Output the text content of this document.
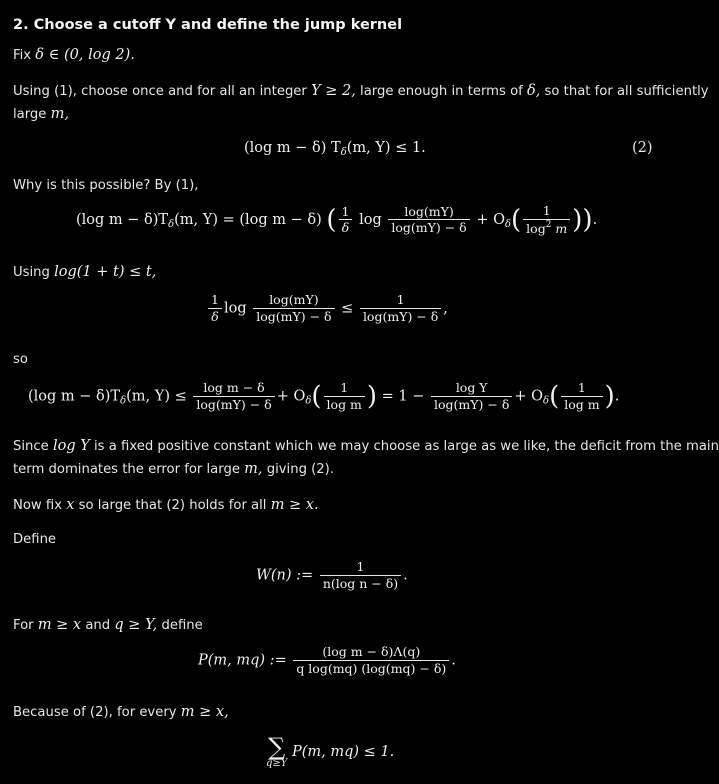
2. Choose a cutoff Y and define the jump kernel
Fix δ ∈ (0, log 2).
Using (1), choose once and for all an integer Y ≥ 2, large enough in terms of δ, so that for all sufficiently
large m,
(log m − δ) $T_\delta(m$, Y) ≤ 1.	(2)
Why is this possible? By (1),
(log $m - \delta)T_\delta(m$, Y) = (log m − δ) ( $\frac{1}{\delta}$ $\log \frac{\log(mY)}{\log(mY) - \delta} + O_\delta( \frac{1}{\log^2 m}$ )).
Using log(1 + t) ≤ t,
$\frac{1}{\delta}$ $\log \frac{\log(mY)}{\log(mY) - \delta} \le \frac{1}{\log(mY) - \delta}$ ,
so
(log $m - \delta)T_\delta(m$, $Y) \le \frac{\text{log m − δ}}{\log(mY) - \delta} + O_\delta( \frac{1}{\text{log m}}$ ) = $1 - \frac{\text{log Y}}{\log(mY) - \delta} + O_\delta( \frac{1}{\text{log m}}$ ).
Since log Y is a fixed positive constant which we may choose as large as we like, the deficit from the main
term dominates the error for large m, giving (2).
Now fix x so large that (2) holds for all m ≥ x.
Define
W(n) := $\frac{1}{\text{n(log n − δ)}}$ .
For m ≥ x and q ≥ Y, define
P(m, mq) := $\frac{\text{(log m − δ)Λ(q)}}{\text{q log(mq) (log(mq) − δ)}}$ .
Because of (2), for every m ≥ x,
∑
q≥Y
P(m, mq) ≤ 1.
